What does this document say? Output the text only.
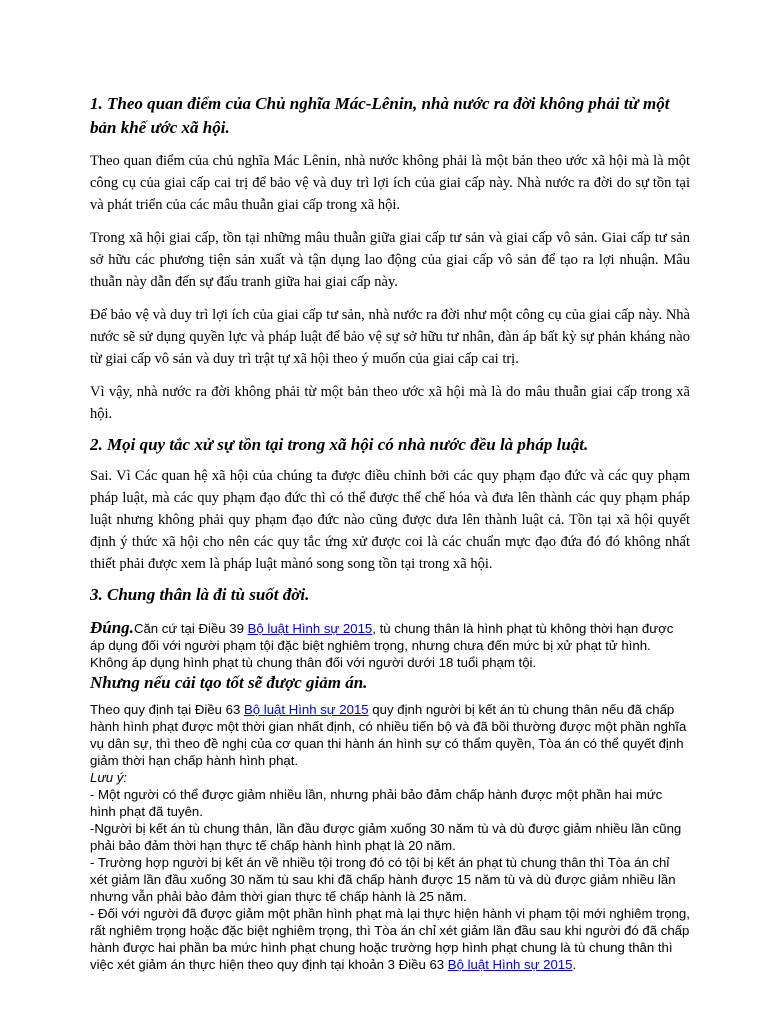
1. Theo quan điểm của Chủ nghĩa Mác-Lênin, nhà nước ra đời không phải từ một bản khế ước xã hội.

Theo quan điểm của chủ nghĩa Mác Lênin, nhà nước không phải là một bản theo ước xã hội mà là một công cụ của giai cấp cai trị để bảo vệ và duy trì lợi ích của giai cấp này. Nhà nước ra đời do sự tồn tại và phát triển của các mâu thuẫn giai cấp trong xã hội.

Trong xã hội giai cấp, tồn tại những mâu thuẫn giữa giai cấp tư sản và giai cấp vô sản. Giai cấp tư sản sở hữu các phương tiện sản xuất và tận dụng lao động của giai cấp vô sản để tạo ra lợi nhuận. Mâu thuẫn này dẫn đến sự đấu tranh giữa hai giai cấp này.

Để bảo vệ và duy trì lợi ích của giai cấp tư sản, nhà nước ra đời như một công cụ của giai cấp này. Nhà nước sẽ sử dụng quyền lực và pháp luật để bảo vệ sự sở hữu tư nhân, đàn áp bất kỳ sự phản kháng nào từ giai cấp vô sản và duy trì trật tự xã hội theo ý muốn của giai cấp cai trị.

Vì vậy, nhà nước ra đời không phải từ một bản theo ước xã hội mà là do mâu thuẫn giai cấp trong xã hội.

2. Mọi quy tắc xử sự tồn tại trong xã hội có nhà nước đều là pháp luật.

Sai. Vì Các quan hệ xã hội của chúng ta được điều chỉnh bởi các quy phạm đạo đức và các quy phạm pháp luật, mà các quy phạm đạo đức thì có thể được thể chế hóa và đưa lên thành các quy phạm pháp luật nhưng không phải quy phạm đạo đức nào cũng được dưa lên thành luật cả. Tồn tại xã hội quyết định ý thức xã hội cho nên các quy tắc ứng xử được coi là các chuẩn mực đạo đứa đó đó không nhất thiết phải được xem là pháp luật mànó song song tồn tại trong xã hội.

3. Chung thân là đi tù suốt đời.

Đúng.Căn cứ tại Điều 39 Bộ luật Hình sự 2015, tù chung thân là hình phạt tù không thời hạn được áp dụng đối với người phạm tội đặc biệt nghiêm trọng, nhưng chưa đến mức bị xử phạt tử hình. Không áp dụng hình phạt tù chung thân đối với người dưới 18 tuổi phạm tội.

Nhưng nếu cải tạo tốt sẽ được giảm án.

Theo quy định tại Điều 63 Bộ luật Hình sự 2015 quy định người bị kết án tù chung thân nếu đã chấp hành hình phạt được một thời gian nhất định, có nhiều tiến bộ và đã bồi thường được một phần nghĩa vụ dân sự, thì theo đề nghị của cơ quan thi hành án hình sự có thẩm quyền, Tòa án có thể quyết định giảm thời hạn chấp hành hình phạt.

Lưu ý:

- Một người có thể được giảm nhiều lần, nhưng phải bảo đảm chấp hành được một phần hai mức hình phạt đã tuyên.

-Người bị kết án tù chung thân, lần đầu được giảm xuống 30 năm tù và dù được giảm nhiều lần cũng phải bảo đảm thời hạn thực tế chấp hành hình phạt là 20 năm.

- Trường hợp người bị kết án về nhiều tội trong đó có tội bị kết án phạt tù chung thân thì Tòa án chỉ xét giảm lần đầu xuống 30 năm tù sau khi đã chấp hành được 15 năm tù và dù được giảm nhiều lần nhưng vẫn phải bảo đảm thời gian thực tế chấp hành là 25 năm.

- Đối với người đã được giảm một phần hình phạt mà lại thực hiện hành vi phạm tội mới nghiêm trọng, rất nghiêm trọng hoặc đặc biệt nghiêm trọng, thì Tòa án chỉ xét giảm lần đầu sau khi người đó đã chấp hành được hai phần ba mức hình phạt chung hoặc trường hợp hình phạt chung là tù chung thân thì việc xét giảm án thực hiện theo quy định tại khoản 3 Điều 63 Bộ luật Hình sự 2015.
